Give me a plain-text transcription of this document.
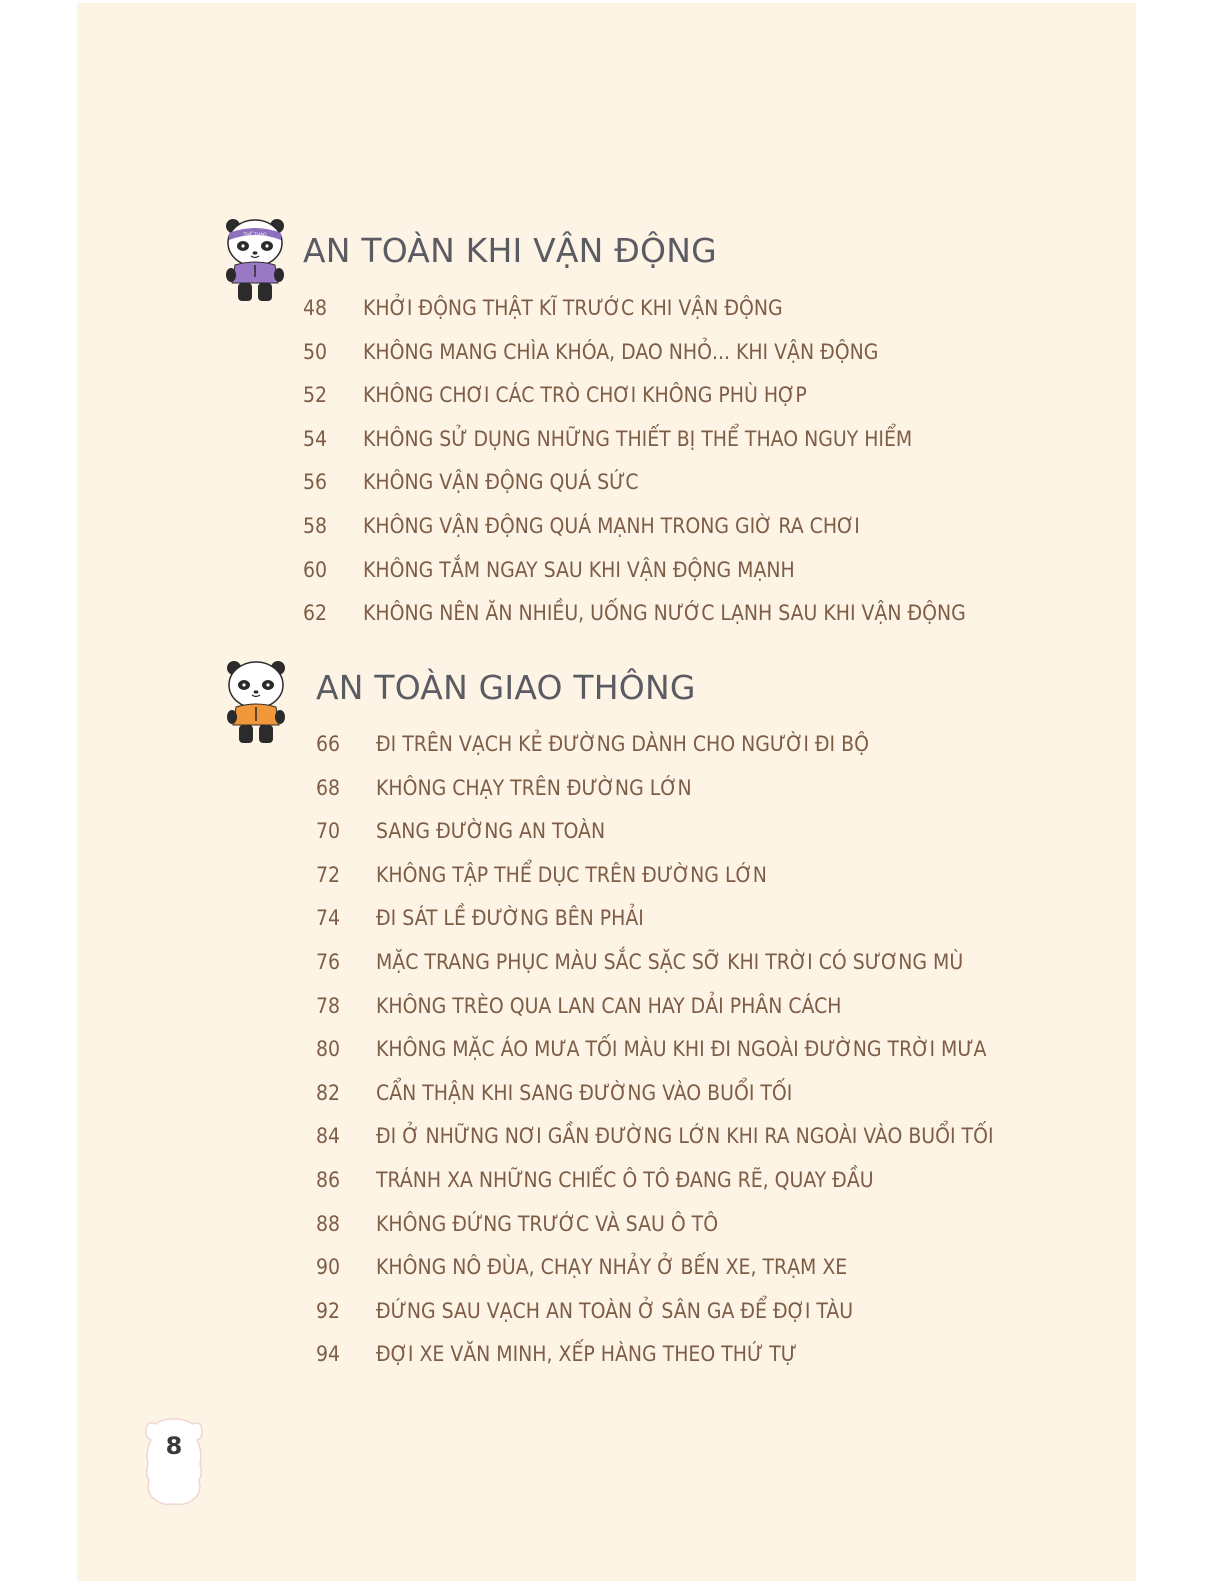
THỂ THAO AN TOÀN KHI VẬN ĐỘNG
48	KHỞI ĐỘNG THẬT KĨ TRƯỚC KHI VẬN ĐỘNG
50	KHÔNG MANG CHÌA KHÓA, DAO NHỎ... KHI VẬN ĐỘNG
52	KHÔNG CHƠI CÁC TRÒ CHƠI KHÔNG PHÙ HỢP
54	KHÔNG SỬ DỤNG NHỮNG THIẾT BỊ THỂ THAO NGUY HIỂM
56	KHÔNG VẬN ĐỘNG QUÁ SỨC
58	KHÔNG VẬN ĐỘNG QUÁ MẠNH TRONG GIỜ RA CHƠI
60	KHÔNG TẮM NGAY SAU KHI VẬN ĐỘNG MẠNH
62	KHÔNG NÊN ĂN NHIỀU, UỐNG NƯỚC LẠNH SAU KHI VẬN ĐỘNG
AN TOÀN GIAO THÔNG
66	ĐI TRÊN VẠCH KẺ ĐƯỜNG DÀNH CHO NGƯỜI ĐI BỘ
68	KHÔNG CHẠY TRÊN ĐƯỜNG LỚN
70	SANG ĐƯỜNG AN TOÀN
72	KHÔNG TẬP THỂ DỤC TRÊN ĐƯỜNG LỚN
74	ĐI SÁT LỀ ĐƯỜNG BÊN PHẢI
76	MẶC TRANG PHỤC MÀU SẮC SẶC SỠ KHI TRỜI CÓ SƯƠNG MÙ
78	KHÔNG TRÈO QUA LAN CAN HAY DẢI PHÂN CÁCH
80	KHÔNG MẶC ÁO MƯA TỐI MÀU KHI ĐI NGOÀI ĐƯỜNG TRỜI MƯA
82	CẨN THẬN KHI SANG ĐƯỜNG VÀO BUỔI TỐI
84	ĐI Ở NHỮNG NƠI GẦN ĐƯỜNG LỚN KHI RA NGOÀI VÀO BUỔI TỐI
86	TRÁNH XA NHỮNG CHIẾC Ô TÔ ĐANG RẼ, QUAY ĐẦU
88	KHÔNG ĐỨNG TRƯỚC VÀ SAU Ô TÔ
90	KHÔNG NÔ ĐÙA, CHẠY NHẢY Ở BẾN XE, TRẠM XE
92	ĐỨNG SAU VẠCH AN TOÀN Ở SÂN GA ĐỂ ĐỢI TÀU
94	ĐỢI XE VĂN MINH, XẾP HÀNG THEO THỨ TỰ
8
